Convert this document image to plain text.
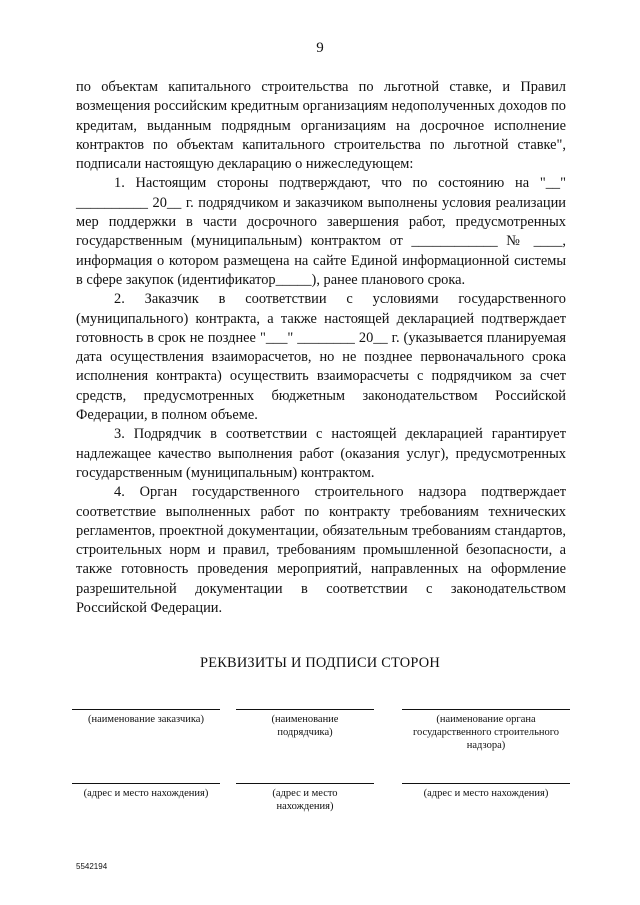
9

по объектам капитального строительства по льготной ставке, и Правил возмещения российским кредитным организациям недополученных доходов по кредитам, выданным подрядным организациям на досрочное исполнение контрактов по объектам капитального строительства по льготной ставке", подписали настоящую декларацию о нижеследующем:

1. Настоящим стороны подтверждают, что по состоянию на "__" __________ 20__ г. подрядчиком и заказчиком выполнены условия реализации мер поддержки в части досрочного завершения работ, предусмотренных государственным (муниципальным) контрактом от ____________ № ____, информация о котором размещена на сайте Единой информационной системы в сфере закупок (идентификатор_____), ранее планового срока.

2. Заказчик в соответствии с условиями государственного (муниципального) контракта, а также настоящей декларацией подтверждает готовность в срок не позднее "___" ________ 20__ г. (указывается планируемая дата осуществления взаиморасчетов, но не позднее первоначального срока исполнения контракта) осуществить взаиморасчеты с подрядчиком за счет средств, предусмотренных бюджетным законодательством Российской Федерации, в полном объеме.

3. Подрядчик в соответствии с настоящей декларацией гарантирует надлежащее качество выполнения работ (оказания услуг), предусмотренных государственным (муниципальным) контрактом.

4. Орган государственного строительного надзора подтверждает соответствие выполненных работ по контракту требованиям технических регламентов, проектной документации, обязательным требованиям стандартов, строительных норм и правил, требованиям промышленной безопасности, а также готовность проведения мероприятий, направленных на оформление разрешительной документации в соответствии с законодательством Российской Федерации.

РЕКВИЗИТЫ И ПОДПИСИ СТОРОН
(наименование заказчика)	(наименование подрядчика)
(наименование органа государственного строительного надзора)
(адрес и место нахождения)	(адрес и место нахождения)
(адрес и место нахождения)
5542194
